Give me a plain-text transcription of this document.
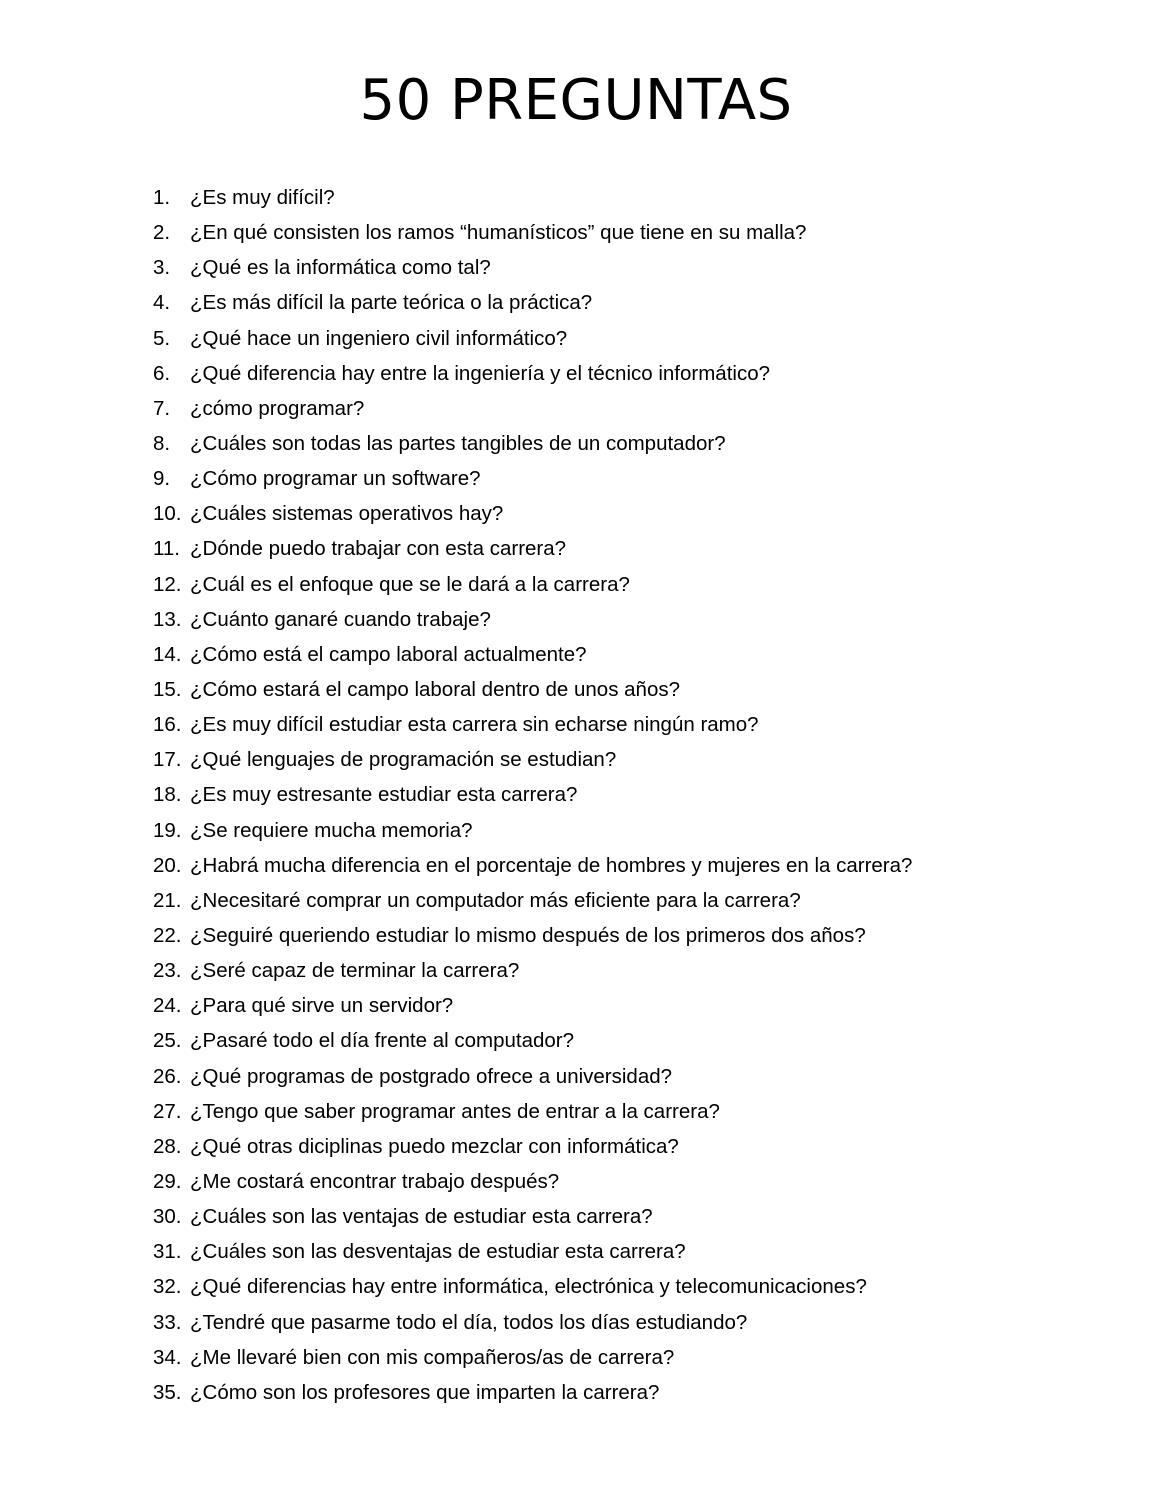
50 PREGUNTAS
1. ¿Es muy difícil?
2. ¿En qué consisten los ramos “humanísticos” que tiene en su malla?
3. ¿Qué es la informática como tal?
4. ¿Es más difícil la parte teórica o la práctica?
5. ¿Qué hace un ingeniero civil informático?
6. ¿Qué diferencia hay entre la ingeniería y el técnico informático?
7. ¿cómo programar?
8. ¿Cuáles son todas las partes tangibles de un computador?
9. ¿Cómo programar un software?
10. ¿Cuáles sistemas operativos hay?
11. ¿Dónde puedo trabajar con esta carrera?
12. ¿Cuál es el enfoque que se le dará a la carrera?
13. ¿Cuánto ganaré cuando trabaje?
14. ¿Cómo está el campo laboral actualmente?
15. ¿Cómo estará el campo laboral dentro de unos años?
16. ¿Es muy difícil estudiar esta carrera sin echarse ningún ramo?
17. ¿Qué lenguajes de programación se estudian?
18. ¿Es muy estresante estudiar esta carrera?
19. ¿Se requiere mucha memoria?
20. ¿Habrá mucha diferencia en el porcentaje de hombres y mujeres en la carrera?
21. ¿Necesitaré comprar un computador más eficiente para la carrera?
22. ¿Seguiré queriendo estudiar lo mismo después de los primeros dos años?
23. ¿Seré capaz de terminar la carrera?
24. ¿Para qué sirve un servidor?
25. ¿Pasaré todo el día frente al computador?
26. ¿Qué programas de postgrado ofrece a universidad?
27. ¿Tengo que saber programar antes de entrar a la carrera?
28. ¿Qué otras diciplinas puedo mezclar con informática?
29. ¿Me costará encontrar trabajo después?
30. ¿Cuáles son las ventajas de estudiar esta carrera?
31. ¿Cuáles son las desventajas de estudiar esta carrera?
32. ¿Qué diferencias hay entre informática, electrónica y telecomunicaciones?
33. ¿Tendré que pasarme todo el día, todos los días estudiando?
34. ¿Me llevaré bien con mis compañeros/as de carrera?
35. ¿Cómo son los profesores que imparten la carrera?
